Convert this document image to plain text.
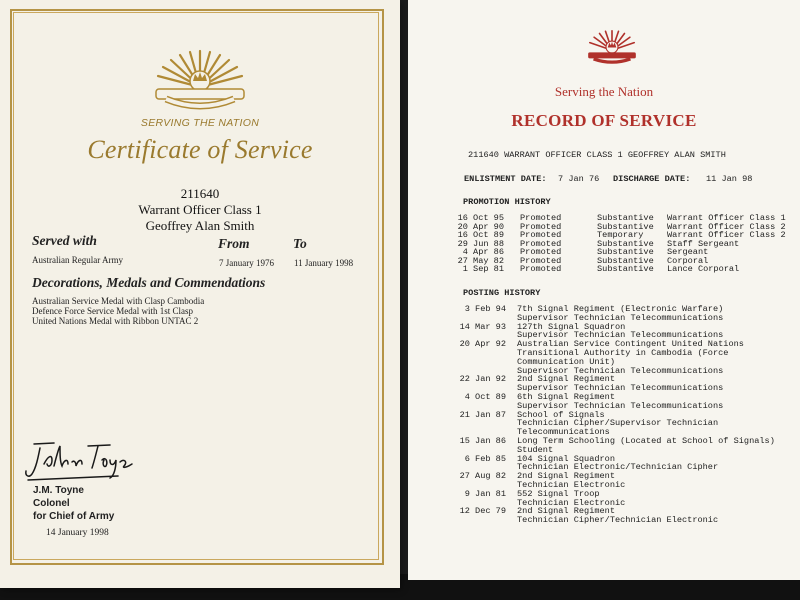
SERVING THE NATION
Certificate of Service
211640
Warrant Officer Class 1
Geoffrey Alan Smith
Served with	From	To
Australian Regular Army	7 January 1976 11 January 1998
Decorations, Medals and Commendations
Australian Service Medal with Clasp Cambodia
Defence Force Service Medal with 1st Clasp
United Nations Medal with Ribbon UNTAC 2
J.M. Toyne
Colonel
for Chief of Army
14 January 1998
Serving the Nation
RECORD OF SERVICE
211640 WARRANT OFFICER CLASS 1 GEOFFREY ALAN SMITH
ENLISTMENT DATE: 7 Jan 76 DISCHARGE DATE: 11 Jan 98
PROMOTION HISTORY
16 Oct 95 Promoted	Substantive Warrant Officer Class 1
20 Apr 90 Promoted	Substantive Warrant Officer Class 2
16 Oct 89 Promoted	Temporary	Warrant Officer Class 2
29 Jun 88 Promoted	Substantive Staff Sergeant
4 Apr 86 Promoted	Substantive Sergeant
27 May 82 Promoted	Substantive Corporal
1 Sep 81 Promoted	Substantive Lance Corporal
POSTING HISTORY
3 Feb 94 7th Signal Regiment (Electronic Warfare)
Supervisor Technician Telecommunications
14 Mar 93 127th Signal Squadron
Supervisor Technician Telecommunications
20 Apr 92 Australian Service Contingent United Nations
Transitional Authority in Cambodia (Force
Communication Unit)
Supervisor Technician Telecommunications
22 Jan 92 2nd Signal Regiment
Supervisor Technician Telecommunications
4 Oct 89 6th Signal Regiment
Supervisor Technician Telecommunications
21 Jan 87 School of Signals
Technician Cipher/Supervisor Technician
Telecommunications
15 Jan 86 Long Term Schooling (Located at School of Signals)
Student
6 Feb 85 104 Signal Squadron
Technician Electronic/Technician Cipher
27 Aug 82 2nd Signal Regiment
Technician Electronic
9 Jan 81 552 Signal Troop
Technician Electronic
12 Dec 79 2nd Signal Regiment
Technician Cipher/Technician Electronic
